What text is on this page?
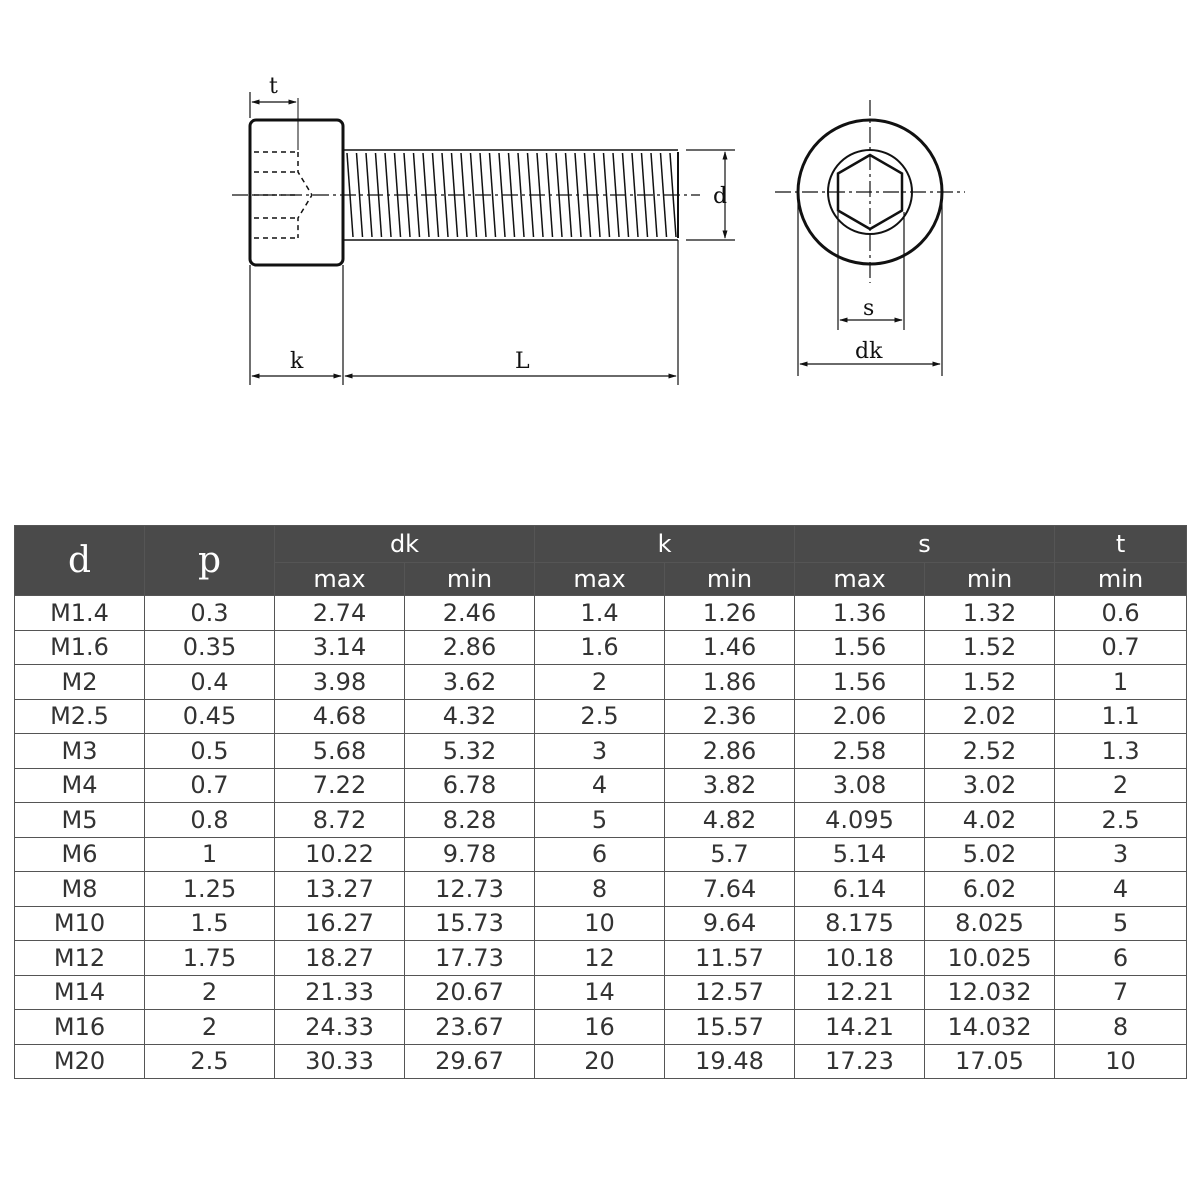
t
k	L
d
s
dk
d	p	dk		k		s		t
		max	min	max	min	max	min	min
M1.4	0.3	2.74	2.46	1.4	1.26	1.36	1.32	0.6
M1.6	0.35	3.14	2.86	1.6	1.46	1.56	1.52	0.7
M2	0.4	3.98	3.62	2	1.86	1.56	1.52	1
M2.5	0.45	4.68	4.32	2.5	2.36	2.06	2.02	1.1
M3	0.5	5.68	5.32	3	2.86	2.58	2.52	1.3
M4	0.7	7.22	6.78	4	3.82	3.08	3.02	2
M5	0.8	8.72	8.28	5	4.82	4.095	4.02	2.5
M6	1	10.22	9.78	6	5.7	5.14	5.02	3
M8	1.25	13.27	12.73	8	7.64	6.14	6.02	4
M10	1.5	16.27	15.73	10	9.64	8.175	8.025	5
M12	1.75	18.27	17.73	12	11.57	10.18	10.025	6
M14	2	21.33	20.67	14	12.57	12.21	12.032	7
M16	2	24.33	23.67	16	15.57	14.21	14.032	8
M20	2.5	30.33	29.67	20	19.48	17.23	17.05	10
